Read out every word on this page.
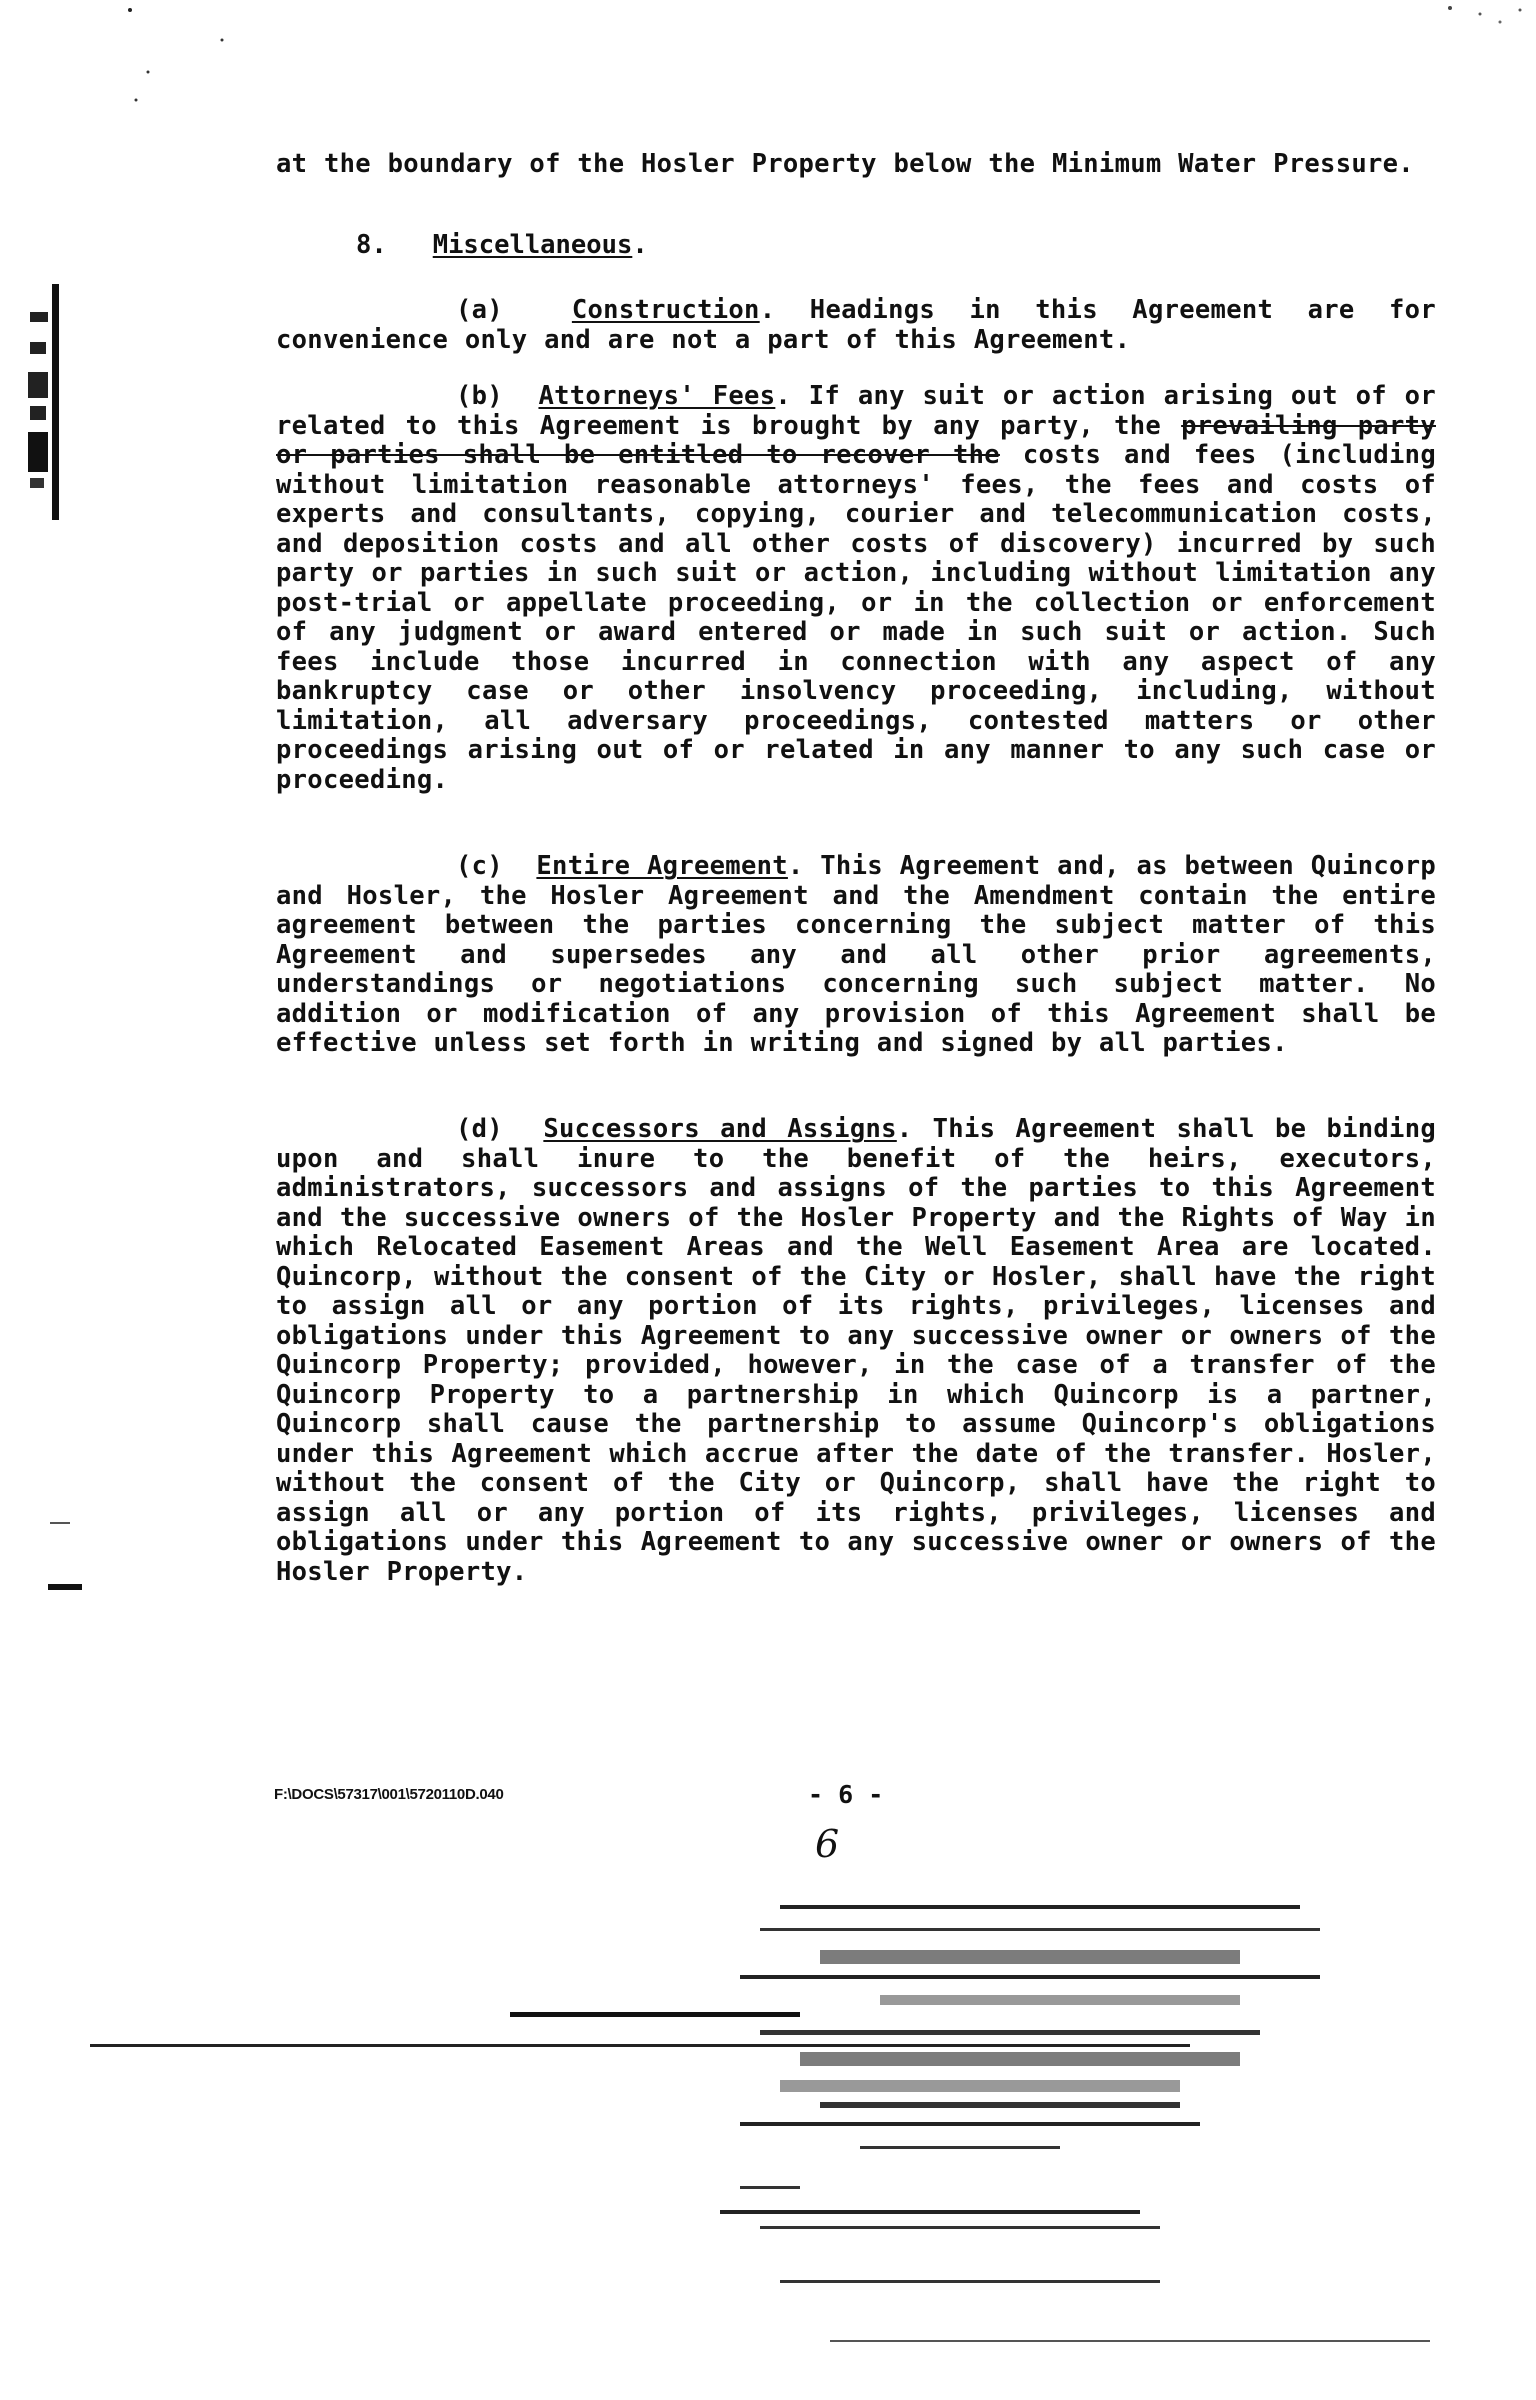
at the boundary of the Hosler Property below the Minimum Water Pressure.

8. Miscellaneous.

(a)	Construction. Headings in this Agreement are for convenience only and are not a part of this Agreement.

(b) Attorneys' Fees. If any suit or action arising out of or related to this Agreement is brought by any party, the prevailing party or parties shall be entitled to recover the costs and fees (including without limitation reasonable attorneys' fees, the fees and costs of experts and consultants, copying, courier and telecommunication costs, and deposition costs and all other costs of discovery) incurred by such party or parties in such suit or action, including without limitation any post-trial or appellate proceeding, or in the collection or enforcement of any judgment or award entered or made in such suit or action. Such fees include those incurred in connection with any aspect of any bankruptcy case or other insolvency proceeding, including, without limitation, all adversary proceedings, contested matters or other proceedings arising out of or related in any manner to any such case or proceeding.

(c) Entire Agreement. This Agreement and, as between Quincorp and Hosler, the Hosler Agreement and the Amendment contain the entire agreement between the parties concerning the subject matter of this Agreement and supersedes any and all other prior agreements, understandings or negotiations concerning such subject matter. No addition or modification of any provision of this Agreement shall be effective unless set forth in writing and signed by all parties.

(d) Successors and Assigns. This Agreement shall be binding upon and shall inure to the benefit of the heirs, executors, administrators, successors and assigns of the parties to this Agreement and the successive owners of the Hosler Property and the Rights of Way in which Relocated Easement Areas and the Well Easement Area are located. Quincorp, without the consent of the City or Hosler, shall have the right to assign all or any portion of its rights, privileges, licenses and obligations under this Agreement to any successive owner or owners of the Quincorp Property; provided, however, in the case of a transfer of the Quincorp Property to a partnership in which Quincorp is a partner, Quincorp shall cause the partnership to assume Quincorp's obligations under this Agreement which accrue after the date of the transfer. Hosler, without the consent of the City or Quincorp, shall have the right to assign all or any portion of its rights, privileges, licenses and obligations under this Agreement to any successive owner or owners of the Hosler Property.

F:\DOCS\57317\001\5720110D.040	- 6 -
6
